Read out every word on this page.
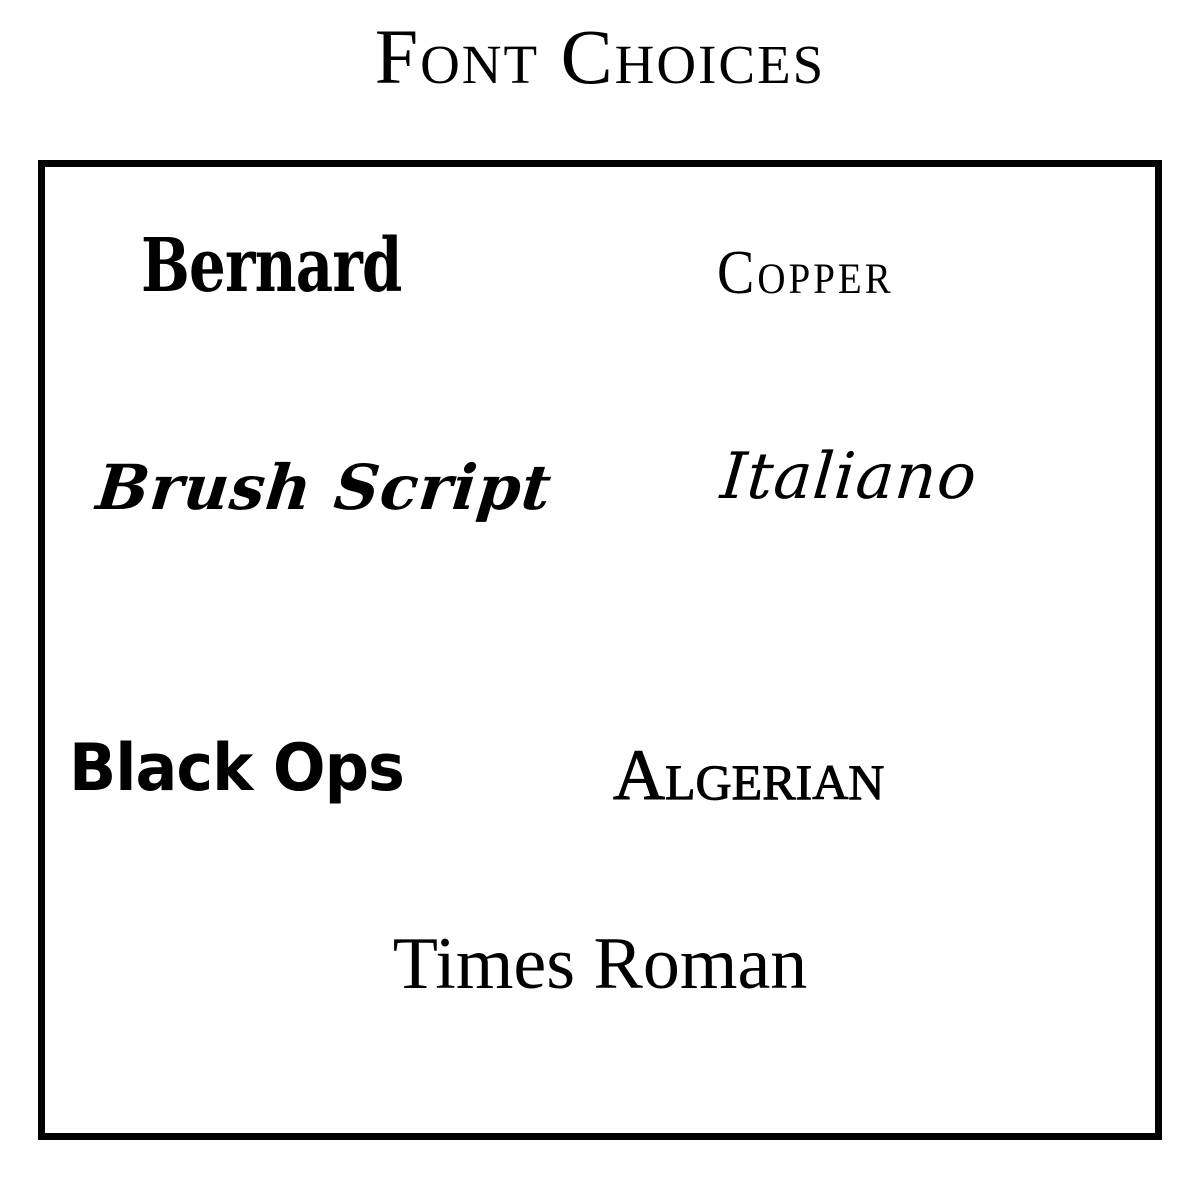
Font Choices
Bernard	Copper
Brush Script	Italiano
Black Ops	Algerian
Times Roman
